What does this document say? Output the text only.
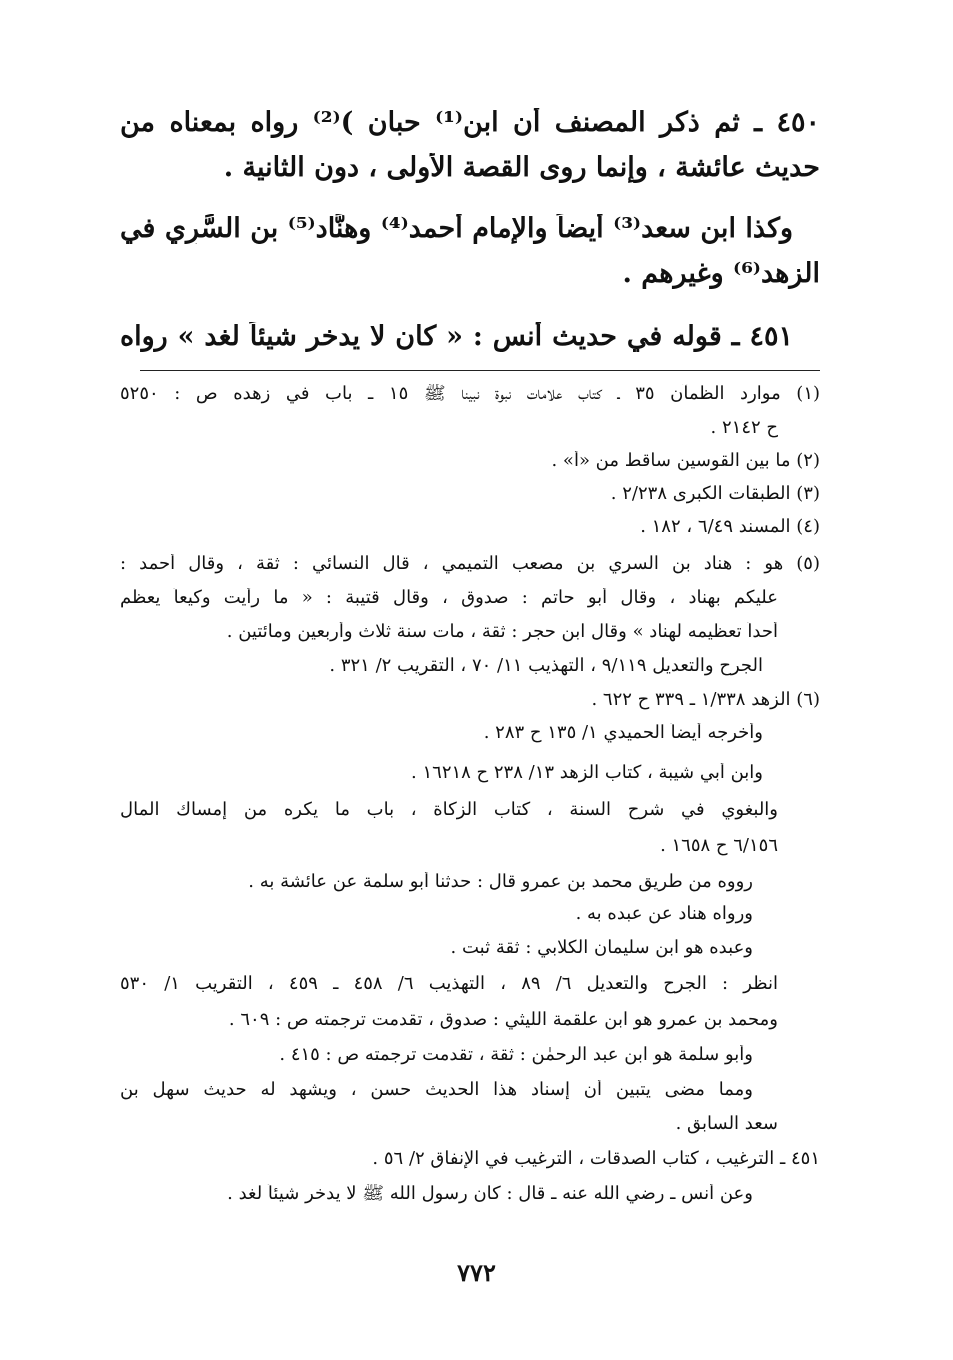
٤٥٠ ـ ثم ذكر المصنف أن ابن⁽¹⁾ حبان )⁽²⁾ رواه بمعناه من
حديث عائشة ، وإنما روى القصة الأولى ، دون الثانية .
وكذا ابن سعد⁽³⁾ أيضاً والإمام أحمد⁽⁴⁾ وهنَّاد⁽⁵⁾ بن السَّرِي في
الزهد⁽⁶⁾ وغيرهم .
٤٥١ ـ قوله في حديث أنس : « كان لا يدخر شيئاً لغد » رواه
(١) موارد الظمآن ٣٥ ـ كتاب علامات نبوة نبينا ﷺ ١٥ ـ باب في زهده ص : ٥٢٥٠
ح ٢١٤٢ .
(٢) ما بين القوسين ساقط من «أ» .
(٣) الطبقات الكبرى ٢/٢٣٨ .
(٤) المسند ٦/٤٩ ، ١٨٢ .
(٥) هو : هناد بن السري بن مصعب التميمي ، قال النسائي : ثقة ، وقال أحمد :
عليكم بهناد ، وقال أبو حاتم : صدوق ، وقال قتيبة : « ما رأيت وكيعاً يعظم
أحداً تعظيمه لهناد » وقال ابن حجر : ثقة ، مات سنة ثلاث وأربعين ومائتين .
الجرح والتعديل ٩/١١٩ ، التهذيب ١١/ ٧٠ ، التقريب ٢/ ٣٢١ .
(٦) الزهد ١/٣٣٨ ـ ٣٣٩ ح ٦٢٢ .
وأخرجه أيضاً الحميدي ١/ ١٣٥ ح ٢٨٣ .
وابن أبي شيبة ، كتاب الزهد ١٣/ ٢٣٨ ح ١٦٢١٨ .
والبغوي في شرح السنة ، كتاب الزكاة ، باب ما يكره من إمساك المال
٦/١٥٦ ح ١٦٥٨ .
رووه من طريق محمد بن عمرو قال : حدثنا أبو سلمة عن عائشة به .
ورواه هناد عن عبده به .
وعبده هو ابن سليمان الكلابي : ثقة ثبت .
انظر : الجرح والتعديل ٦/ ٨٩ ، التهذيب ٦/ ٤٥٨ ـ ٤٥٩ ، التقريب ١/ ٥٣٠
ومحمد بن عمرو هو ابن علقمة الليثي : صدوق ، تقدمت ترجمته ص : ٦٠٩ .
وأبو سلمة هو ابن عبد الرحمٰن : ثقة ، تقدمت ترجمته ص : ٤١٥ .
ومما مضى يتبين أن إسناد هذا الحديث حسن ، ويشهد له حديث سهل بن
سعد السابق .
٤٥١ ـ الترغيب ، كتاب الصدقات ، الترغيب في الإنفاق ٢/ ٥٦ .
وعن أنس ـ رضي الله عنه ـ قال : كان رسول الله ﷺ لا يدخر شيئاً لغد .
٧٧٢
